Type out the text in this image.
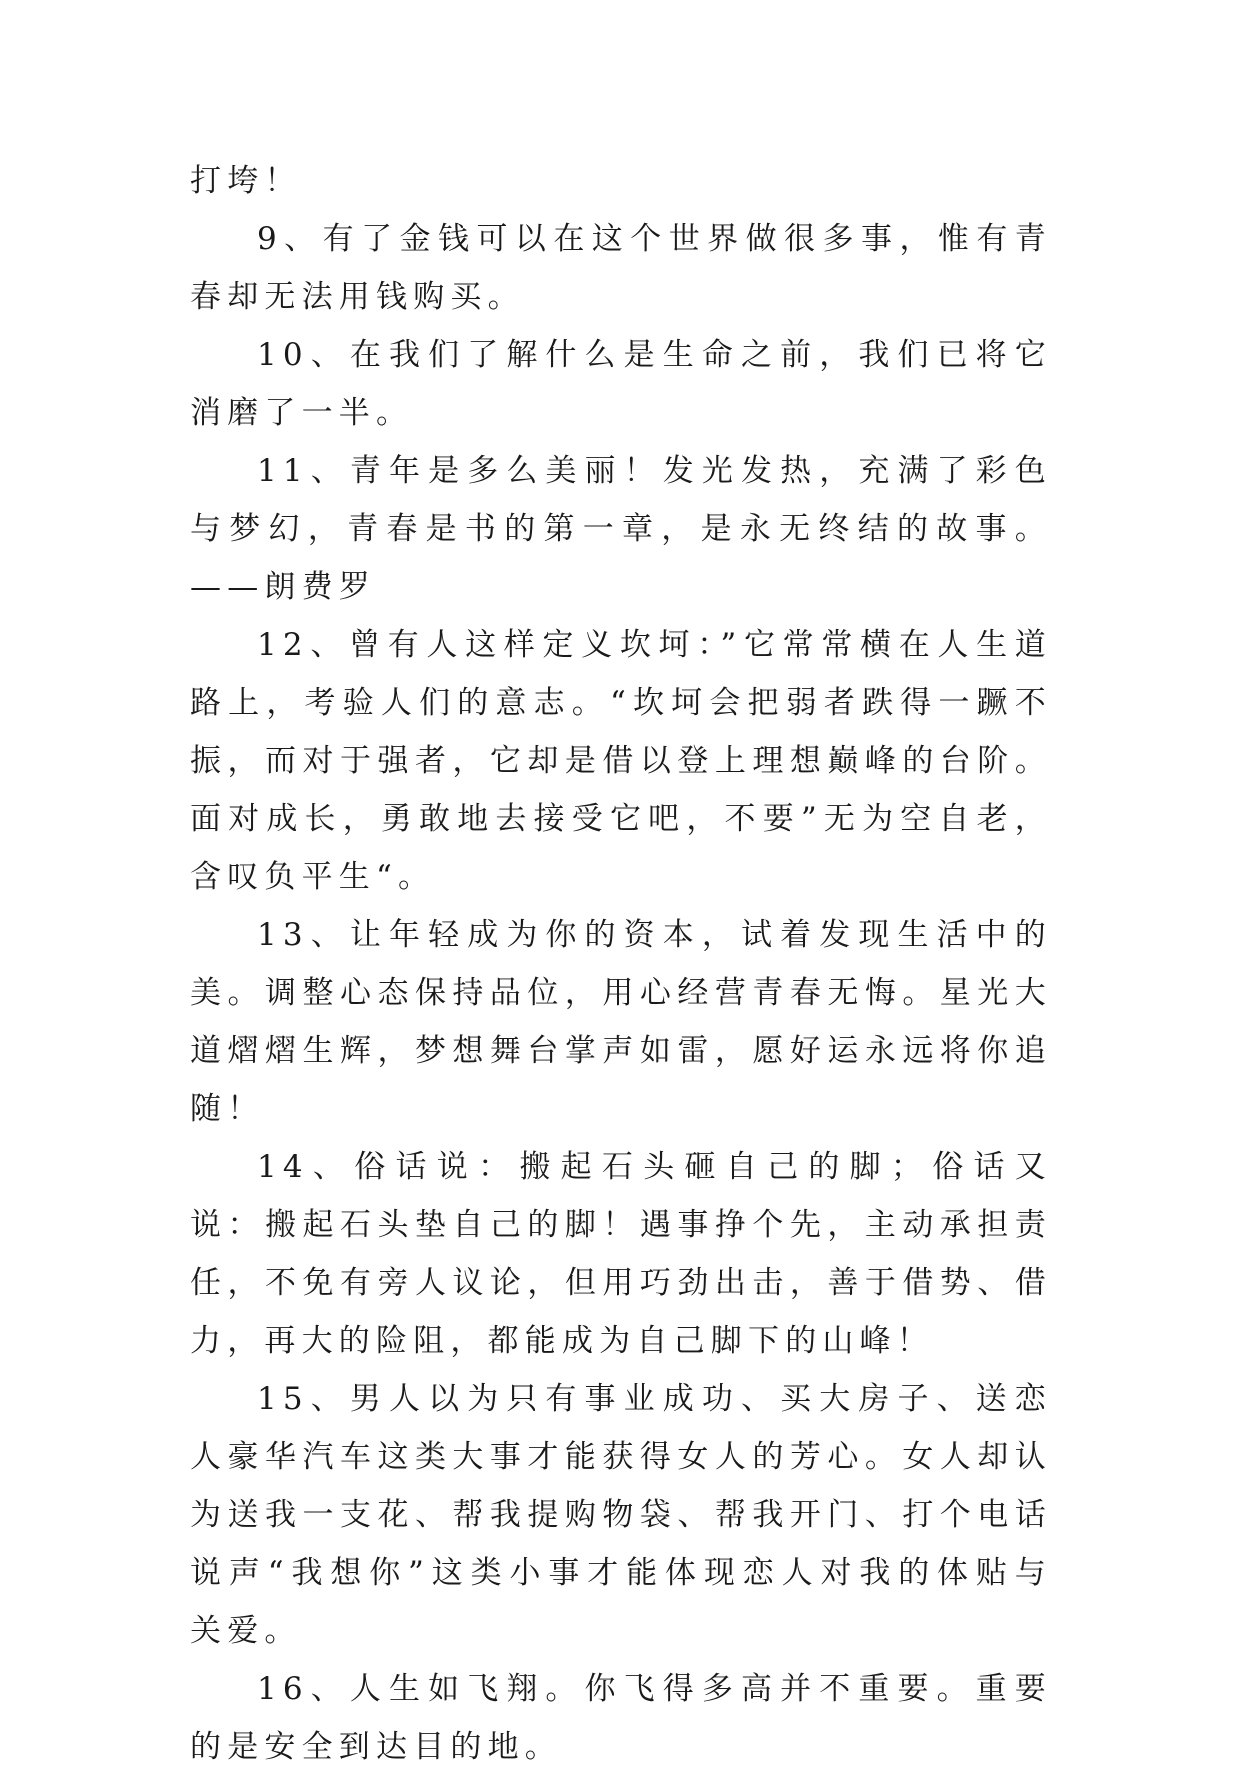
打垮！

9、有了金钱可以在这个世界做很多事，惟有青春却无法用钱购买。

10、在我们了解什么是生命之前，我们已将它消磨了一半。

11、青年是多么美丽！发光发热，充满了彩色与梦幻，青春是书的第一章，是永无终结的故事。——朗费罗

12、曾有人这样定义坎坷：”它常常横在人生道路上，考验人们的意志。“坎坷会把弱者跌得一蹶不振，而对于强者，它却是借以登上理想巅峰的台阶。面对成长，勇敢地去接受它吧，不要”无为空自老，含叹负平生“。

13、让年轻成为你的资本，试着发现生活中的美。调整心态保持品位，用心经营青春无悔。星光大道熠熠生辉，梦想舞台掌声如雷，愿好运永远将你追随！

14、俗话说：搬起石头砸自己的脚；俗话又说：搬起石头垫自己的脚！遇事挣个先，主动承担责任，不免有旁人议论，但用巧劲出击，善于借势、借力，再大的险阻，都能成为自己脚下的山峰！

15、男人以为只有事业成功、买大房子、送恋人豪华汽车这类大事才能获得女人的芳心。女人却认为送我一支花、帮我提购物袋、帮我开门、打个电话说声“我想你”这类小事才能体现恋人对我的体贴与关爱。

16、人生如飞翔。你飞得多高并不重要。重要的是安全到达目的地。
